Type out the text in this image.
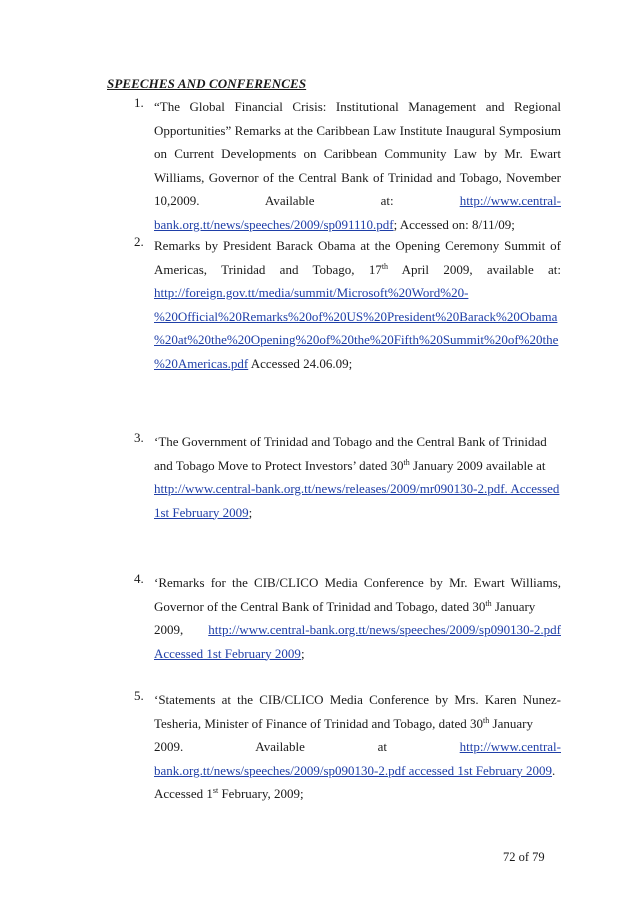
SPEECHES AND CONFERENCES
1. “The Global Financial Crisis: Institutional Management and Regional
Opportunities” Remarks at the Caribbean Law Institute Inaugural Symposium
on Current Developments on Caribbean Community Law by Mr. Ewart
Williams, Governor of the Central Bank of Trinidad and Tobago, November
10,2009.	Available	at:	http://www.central-
bank.org.tt/news/speeches/2009/sp091110.pdf; Accessed on: 8/11/09;
2. Remarks by President Barack Obama at the Opening Ceremony Summit of
Americas, Trinidad and Tobago, 17th April 2009, available at:
http://foreign.gov.tt/media/summit/Microsoft%20Word%20-
%20Official%20Remarks%20of%20US%20President%20Barack%20Obama
%20at%20the%20Opening%20of%20the%20Fifth%20Summit%20of%20the
%20Americas.pdf Accessed 24.06.09;
3. ‘The Government of Trinidad and Tobago and the Central Bank of Trinidad
and Tobago Move to Protect Investors’ dated 30th January 2009 available at
http://www.central-bank.org.tt/news/releases/2009/mr090130-2.pdf. Accessed
1st February 2009;
4. ‘Remarks for the CIB/CLICO Media Conference by Mr. Ewart Williams,
Governor of the Central Bank of Trinidad and Tobago, dated 30th January
2009, http://www.central-bank.org.tt/news/speeches/2009/sp090130-2.pdf
Accessed 1st February 2009;
5. ‘Statements at the CIB/CLICO Media Conference by Mrs. Karen Nunez-
Tesheria, Minister of Finance of Trinidad and Tobago, dated 30th January
2009.	Available	at	http://www.central-
bank.org.tt/news/speeches/2009/sp090130-2.pdf accessed 1st February 2009.
Accessed 1st February, 2009;
72 of 79
